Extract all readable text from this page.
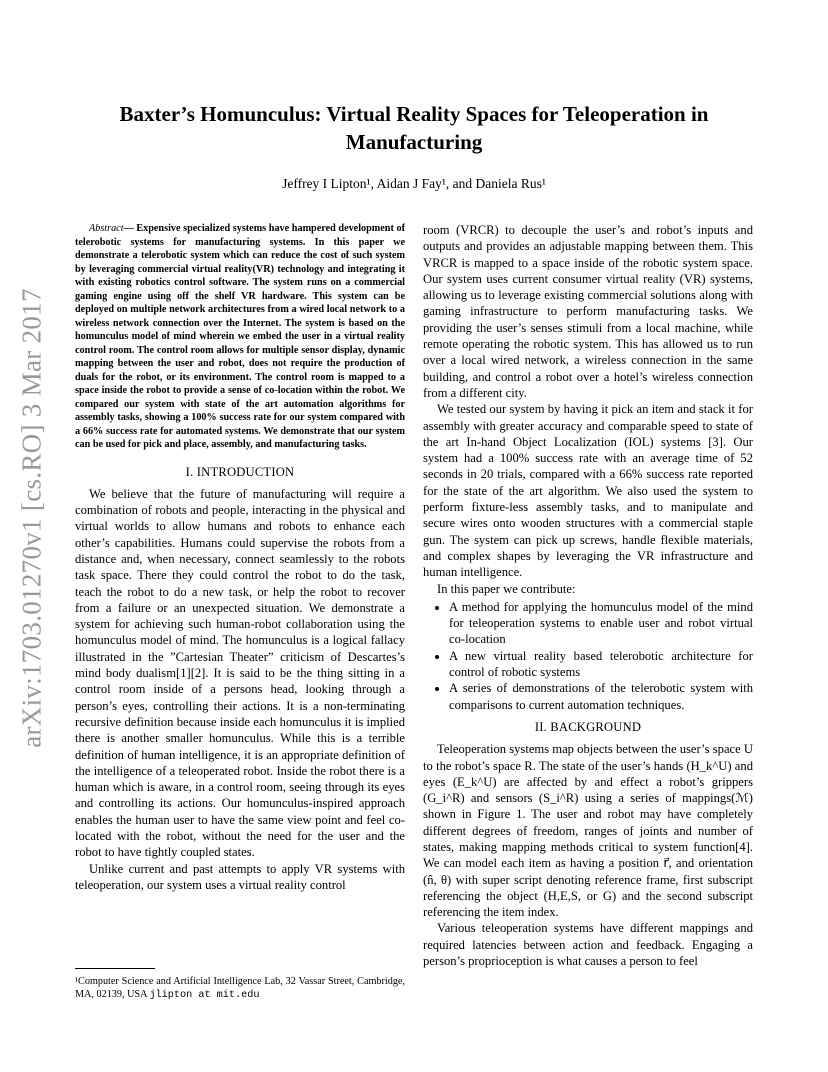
arXiv:1703.01270v1 [cs.RO] 3 Mar 2017
Baxter’s Homunculus: Virtual Reality Spaces for Teleoperation in Manufacturing
Jeffrey I Lipton¹, Aidan J Fay¹, and Daniela Rus¹

Abstract— Expensive specialized systems have hampered development of telerobotic systems for manufacturing systems. In this paper we demonstrate a telerobotic system which can reduce the cost of such system by leveraging commercial virtual reality(VR) technology and integrating it with existing robotics control software. The system runs on a commercial gaming engine using off the shelf VR hardware. This system can be deployed on multiple network architectures from a wired local network to a wireless network connection over the Internet. The system is based on the homunculus model of mind wherein we embed the user in a virtual reality control room. The control room allows for multiple sensor display, dynamic mapping between the user and robot, does not require the production of duals for the robot, or its environment. The control room is mapped to a space inside the robot to provide a sense of co-location within the robot. We compared our system with state of the art automation algorithms for assembly tasks, showing a 100% success rate for our system compared with a 66% success rate for automated systems. We demonstrate that our system can be used for pick and place, assembly, and manufacturing tasks.

I. INTRODUCTION

We believe that the future of manufacturing will require a combination of robots and people, interacting in the physical and virtual worlds to allow humans and robots to enhance each other’s capabilities. Humans could supervise the robots from a distance and, when necessary, connect seamlessly to the robots task space. There they could control the robot to do the task, teach the robot to do a new task, or help the robot to recover from a failure or an unexpected situation. We demonstrate a system for achieving such human-robot collaboration using the homunculus model of mind. The homunculus is a logical fallacy illustrated in the ”Cartesian Theater” criticism of Descartes’s mind body dualism[1][2]. It is said to be the thing sitting in a control room inside of a persons head, looking through a person’s eyes, controlling their actions. It is a non-terminating recursive definition because inside each homunculus it is implied there is another smaller homunculus. While this is a terrible definition of human intelligence, it is an appropriate definition of the intelligence of a teleoperated robot. Inside the robot there is a human which is aware, in a control room, seeing through its eyes and controlling its actions. Our homunculus-inspired approach enables the human user to have the same view point and feel co-located with the robot, without the need for the user and the robot to have tightly coupled states.

Unlike current and past attempts to apply VR systems with teleoperation, our system uses a virtual reality control

room (VRCR) to decouple the user’s and robot’s inputs and outputs and provides an adjustable mapping between them. This VRCR is mapped to a space inside of the robotic system space. Our system uses current consumer virtual reality (VR) systems, allowing us to leverage existing commercial solutions along with gaming infrastructure to perform manufacturing tasks. We providing the user’s senses stimuli from a local machine, while remote operating the robotic system. This has allowed us to run over a local wired network, a wireless connection in the same building, and control a robot over a hotel’s wireless connection from a different city.

We tested our system by having it pick an item and stack it for assembly with greater accuracy and comparable speed to state of the art In-hand Object Localization (IOL) systems [3]. Our system had a 100% success rate with an average time of 52 seconds in 20 trials, compared with a 66% success rate reported for the state of the art algorithm. We also used the system to perform fixture-less assembly tasks, and to manipulate and secure wires onto wooden structures with a commercial staple gun. The system can pick up screws, handle flexible materials, and complex shapes by leveraging the VR infrastructure and human intelligence.

In this paper we contribute:

• A method for applying the homunculus model of the mind for teleoperation systems to enable user and robot virtual co-location
• A new virtual reality based telerobotic architecture for control of robotic systems
• A series of demonstrations of the telerobotic system with comparisons to current automation techniques.
II. BACKGROUND

Teleoperation systems map objects between the user’s space U to the robot’s space R. The state of the user’s hands (H_k^U) and eyes (E_k^U) are affected by and effect a robot’s grippers (G_i^R) and sensors (S_i^R) using a series of mappings(ℳ) shown in Figure 1. The user and robot may have completely different degrees of freedom, ranges of joints and number of states, making mapping methods critical to system function[4]. We can model each item as having a position r⃗, and orientation (n̂, θ) with super script denoting reference frame, first subscript referencing the object (H,E,S, or G) and the second subscript referencing the item index.

Various teleoperation systems have different mappings and required latencies between action and feedback. Engaging a person’s proprioception is what causes a person to feel

¹Computer Science and Artificial Intelligence Lab, 32 Vassar Street, Cambridge, MA, 02139, USA jlipton at mit.edu
